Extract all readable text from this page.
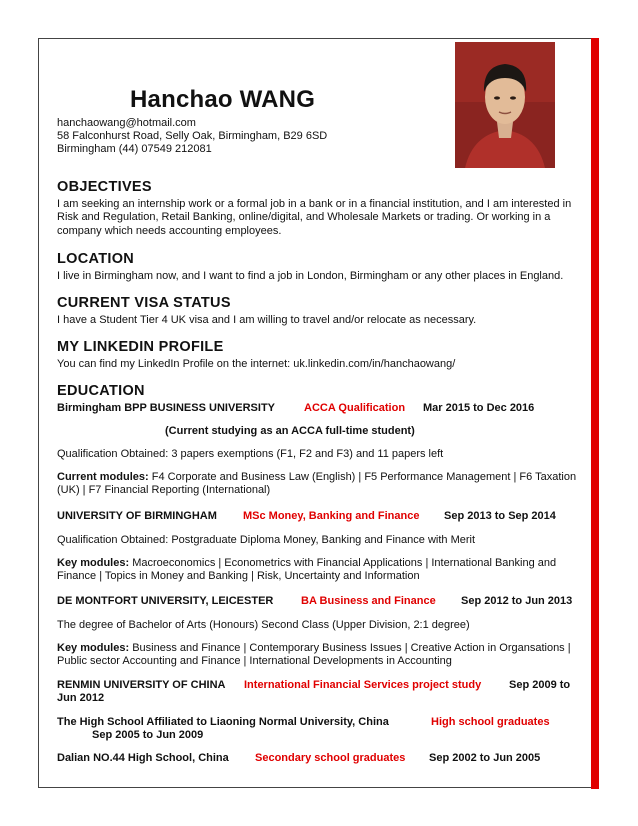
Hanchao WANG
hanchaowang@hotmail.com
58 Falconhurst Road, Selly Oak, Birmingham, B29 6SD
Birmingham (44) 07549 212081
OBJECTIVES
I am seeking an internship work or a formal job in a bank or in a financial institution, and I am interested in Risk and Regulation, Retail Banking, online/digital, and Wholesale Markets or trading. Or working in a company which needs accounting employees.
LOCATION
I live in Birmingham now, and I want to find a job in London, Birmingham or any other places in England.
CURRENT VISA STATUS
I have a Student Tier 4 UK visa and I am willing to travel and/or relocate as necessary.
MY LINKEDIN PROFILE
You can find my LinkedIn Profile on the internet: uk.linkedin.com/in/hanchaowang/
EDUCATION
Birmingham BPP BUSINESS UNIVERSITY	ACCA Qualification Mar 2015 to Dec 2016
(Current studying as an ACCA full-time student)
Qualification Obtained: 3 papers exemptions (F1, F2 and F3) and 11 papers left
Current modules: F4 Corporate and Business Law (English) | F5 Performance Management | F6 Taxation (UK) | F7 Financial Reporting (International)
UNIVERSITY OF BIRMINGHAM MSc Money, Banking and Finance Sep 2013 to Sep 2014
Qualification Obtained: Postgraduate Diploma Money, Banking and Finance with Merit
Key modules: Macroeconomics | Econometrics with Financial Applications | International Banking and Finance | Topics in Money and Banking | Risk, Uncertainty and Information
DE MONTFORT UNIVERSITY, LEICESTER	BA Business and Finance Sep 2012 to Jun 2013
The degree of Bachelor of Arts (Honours) Second Class (Upper Division, 2:1 degree)
Key modules: Business and Finance | Contemporary Business Issues | Creative Action in Organsations | Public sector Accounting and Finance | International Developments in Accounting
RENMIN UNIVERSITY OF CHINA International Financial Services project study	Sep 2009 to
Jun 2012
The High School Affiliated to Liaoning Normal University, China	High school graduates
Sep 2005 to Jun 2009
Dalian NO.44 High School, China Secondary school graduates Sep 2002 to Jun 2005
